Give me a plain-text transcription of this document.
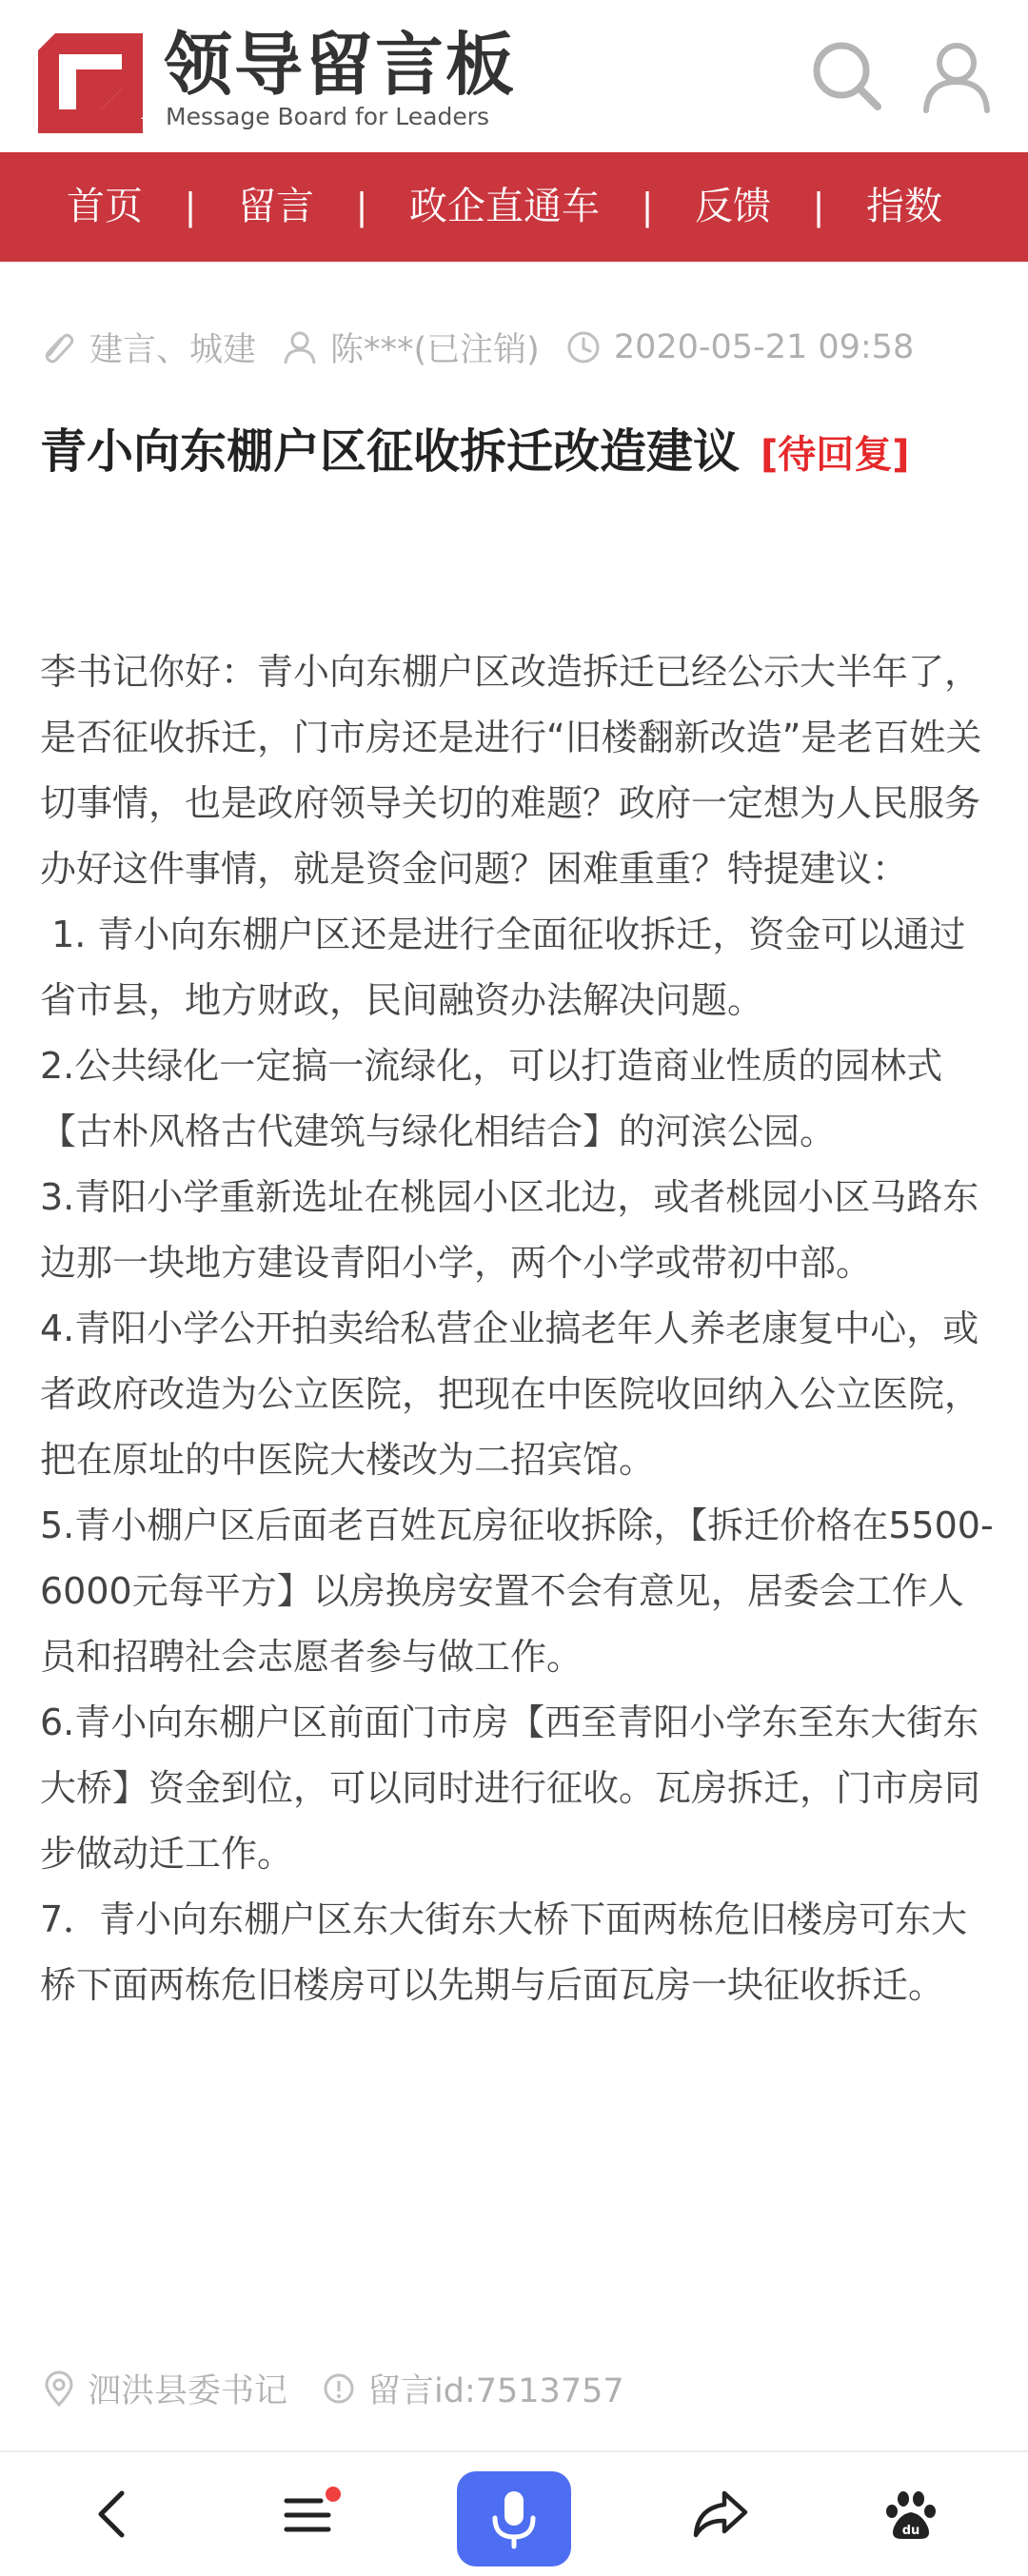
领导留言板
Message Board for Leaders
首页	|	留言	|	政企直通车	|	反馈	|	指数
建言、城建 陈***(已注销) 2020-05-21 09:58
青小向东棚户区征收拆迁改造建议 [待回复]

李书记你好：青小向东棚户区改造拆迁已经公示大半年了，是否征收拆迁，门市房还是进行“旧楼翻新改造”是老百姓关切事情，也是政府领导关切的难题？政府一定想为人民服务办好这件事情，就是资金问题？困难重重？特提建议：

1. 青小向东棚户区还是进行全面征收拆迁，资金可以通过省市县，地方财政，民间融资办法解决问题。

2.公共绿化一定搞一流绿化，可以打造商业性质的园林式【古朴风格古代建筑与绿化相结合】的河滨公园。

3.青阳小学重新选址在桃园小区北边，或者桃园小区马路东边那一块地方建设青阳小学，两个小学或带初中部。

4.青阳小学公开拍卖给私营企业搞老年人养老康复中心，或者政府改造为公立医院，把现在中医院收回纳入公立医院，把在原址的中医院大楼改为二招宾馆。

5.青小棚户区后面老百姓瓦房征收拆除，【拆迁价格在5500-6000元每平方】以房换房安置不会有意见，居委会工作人员和招聘社会志愿者参与做工作。

6.青小向东棚户区前面门市房【西至青阳小学东至东大街东大桥】资金到位，可以同时进行征收。瓦房拆迁，门市房同步做动迁工作。

7．青小向东棚户区东大街东大桥下面两栋危旧楼房可东大桥下面两栋危旧楼房可以先期与后面瓦房一块征收拆迁。

泗洪县委书记 留言id:7513757
du
